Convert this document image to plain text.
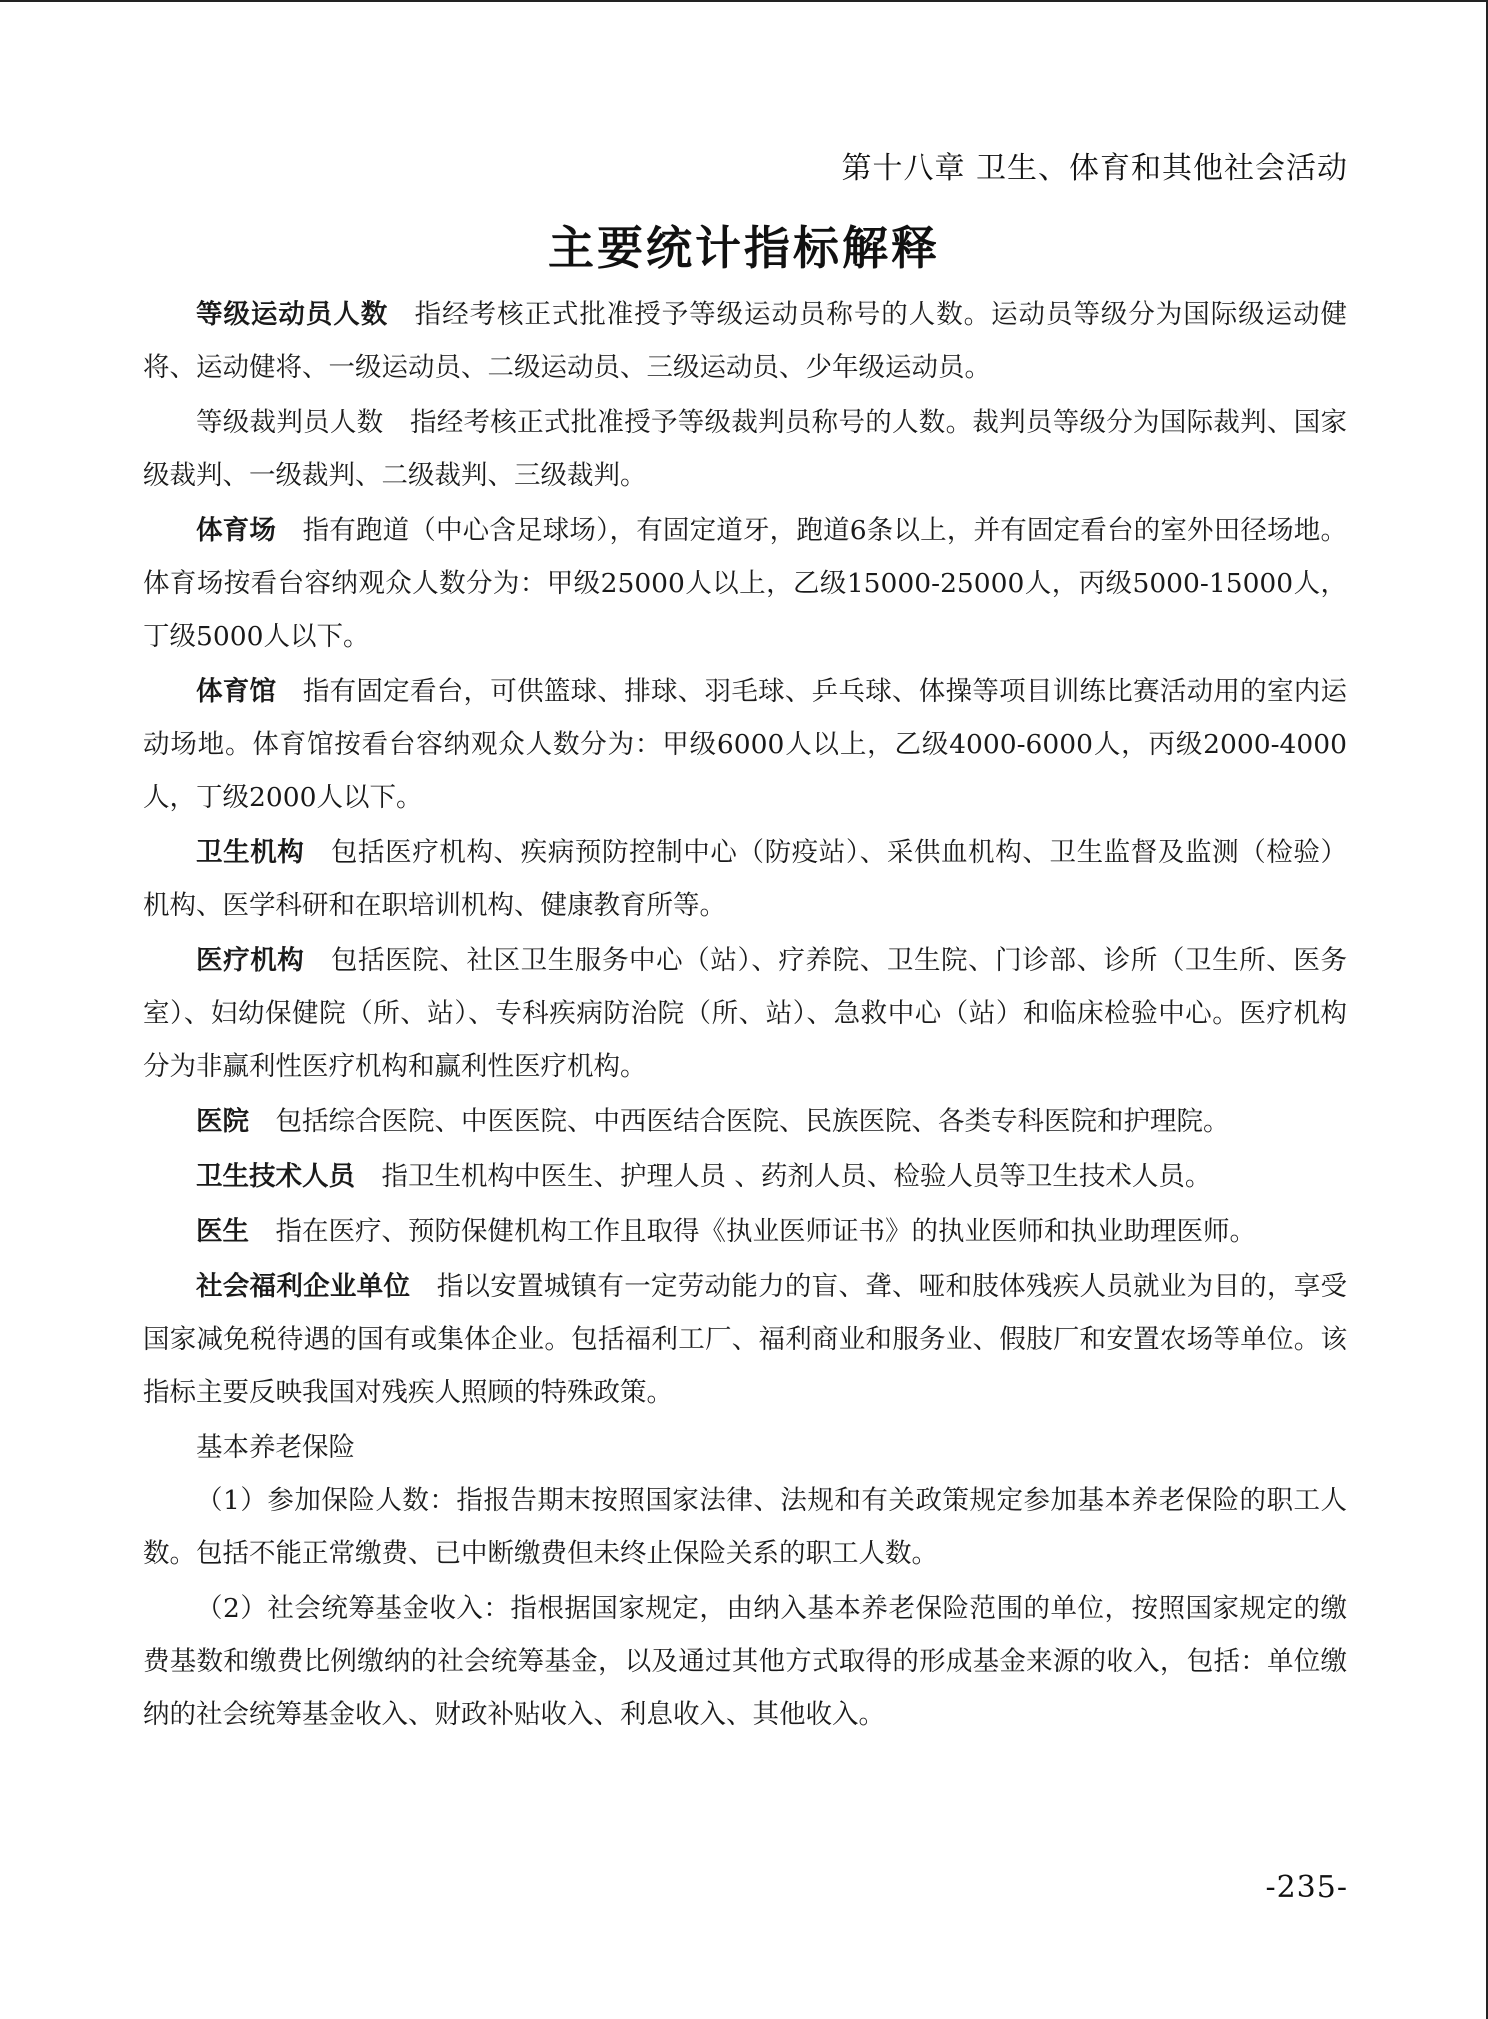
第十八章 卫生、体育和其他社会活动
主要统计指标解释

等级运动员人数 指经考核正式批准授予等级运动员称号的人数。运动员等级分为国际级运动健将、运动健将、一级运动员、二级运动员、三级运动员、少年级运动员。

等级裁判员人数 指经考核正式批准授予等级裁判员称号的人数。裁判员等级分为国际裁判、国家级裁判、一级裁判、二级裁判、三级裁判。

体育场 指有跑道（中心含足球场），有固定道牙，跑道6条以上，并有固定看台的室外田径场地。体育场按看台容纳观众人数分为：甲级25000人以上，乙级15000-25000人，丙级5000-15000人，丁级5000人以下。

体育馆 指有固定看台，可供篮球、排球、羽毛球、乒乓球、体操等项目训练比赛活动用的室内运动场地。体育馆按看台容纳观众人数分为：甲级6000人以上，乙级4000-6000人，丙级2000-4000人，丁级2000人以下。

卫生机构 包括医疗机构、疾病预防控制中心（防疫站）、采供血机构、卫生监督及监测（检验）机构、医学科研和在职培训机构、健康教育所等。

医疗机构 包括医院、社区卫生服务中心（站）、疗养院、卫生院、门诊部、诊所（卫生所、医务室）、妇幼保健院（所、站）、专科疾病防治院（所、站）、急救中心（站）和临床检验中心。医疗机构分为非赢利性医疗机构和赢利性医疗机构。

医院 包括综合医院、中医医院、中西医结合医院、民族医院、各类专科医院和护理院。

卫生技术人员 指卫生机构中医生、护理人员 、药剂人员、检验人员等卫生技术人员。

医生 指在医疗、预防保健机构工作且取得《执业医师证书》的执业医师和执业助理医师。

社会福利企业单位 指以安置城镇有一定劳动能力的盲、聋、哑和肢体残疾人员就业为目的，享受国家减免税待遇的国有或集体企业。包括福利工厂、福利商业和服务业、假肢厂和安置农场等单位。该指标主要反映我国对残疾人照顾的特殊政策。

基本养老保险

（1）参加保险人数：指报告期末按照国家法律、法规和有关政策规定参加基本养老保险的职工人数。包括不能正常缴费、已中断缴费但未终止保险关系的职工人数。

（2）社会统筹基金收入：指根据国家规定，由纳入基本养老保险范围的单位，按照国家规定的缴费基数和缴费比例缴纳的社会统筹基金，以及通过其他方式取得的形成基金来源的收入，包括：单位缴纳的社会统筹基金收入、财政补贴收入、利息收入、其他收入。

-235-
